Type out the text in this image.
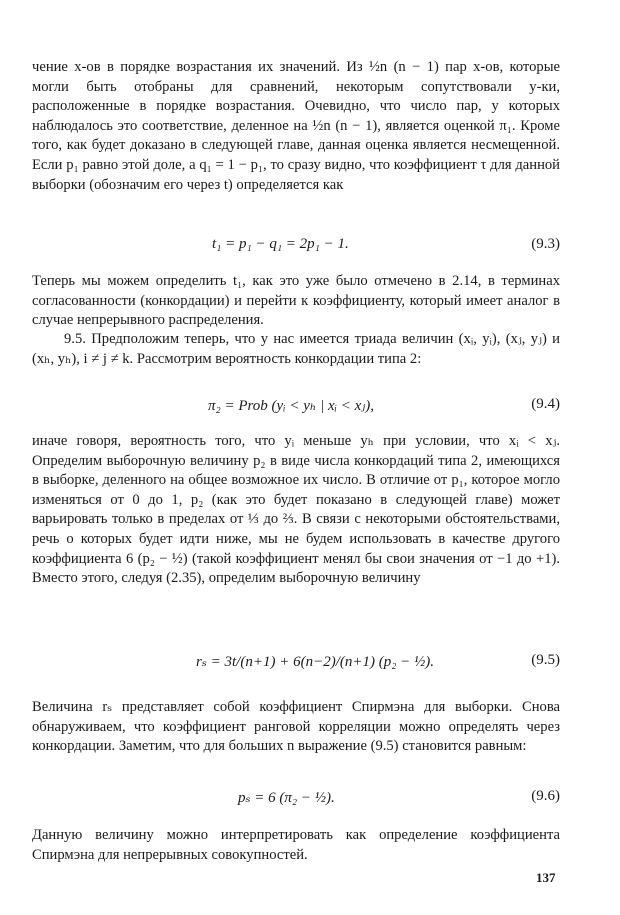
чение x-ов в порядке возрастания их значений. Из ½n (n − 1) пар x-ов, которые могли быть отобраны для сравнений, некоторым сопутствовали y-ки, расположенные в порядке возрастания. Очевидно, что число пар, у которых наблюдалось это соответствие, деленное на ½n (n − 1), является оценкой π₁. Кроме того, как будет доказано в следующей главе, данная оценка является несмещенной. Если p₁ равно этой доле, а q₁ = 1 − p₁, то сразу видно, что коэффициент τ для данной выборки (обозначим его через t) определяется как

t₁ = p₁ − q₁ = 2p₁ − 1.	(9.3)

Теперь мы можем определить t₁, как это уже было отмечено в 2.14, в терминах согласованности (конкордации) и перейти к коэффициенту, который имеет аналог в случае непрерывного распределения.

9.5. Предположим теперь, что у нас имеется триада величин (xᵢ, yᵢ), (xⱼ, yⱼ) и (xₕ, yₕ), i ≠ j ≠ k. Рассмотрим вероятность конкордации типа 2:

π₂ = Prob (yᵢ < yₕ | xᵢ < xⱼ),	(9.4)

иначе говоря, вероятность того, что yᵢ меньше yₕ при условии, что xᵢ < xⱼ. Определим выборочную величину p₂ в виде числа конкордаций типа 2, имеющихся в выборке, деленного на общее возможное их число. В отличие от p₁, которое могло изменяться от 0 до 1, p₂ (как это будет показано в следующей главе) может варьировать только в пределах от ⅓ до ⅔. В связи с некоторыми обстоятельствами, речь о которых будет идти ниже, мы не будем использовать в качестве другого коэффициента 6 (p₂ − ½) (такой коэффициент менял бы свои значения от −1 до +1). Вместо этого, следуя (2.35), определим выборочную величину

rₛ = 3t/(n+1) + 6(n−2)/(n+1) (p₂ − ½).	(9.5)

Величина rₛ представляет собой коэффициент Спирмэна для выборки. Снова обнаруживаем, что коэффициент ранговой корреляции можно определять через конкордации. Заметим, что для больших n выражение (9.5) становится равным:

pₛ = 6 (π₂ − ½).	(9.6)

Данную величину можно интерпретировать как определение коэффициента Спирмэна для непрерывных совокупностей.

137
